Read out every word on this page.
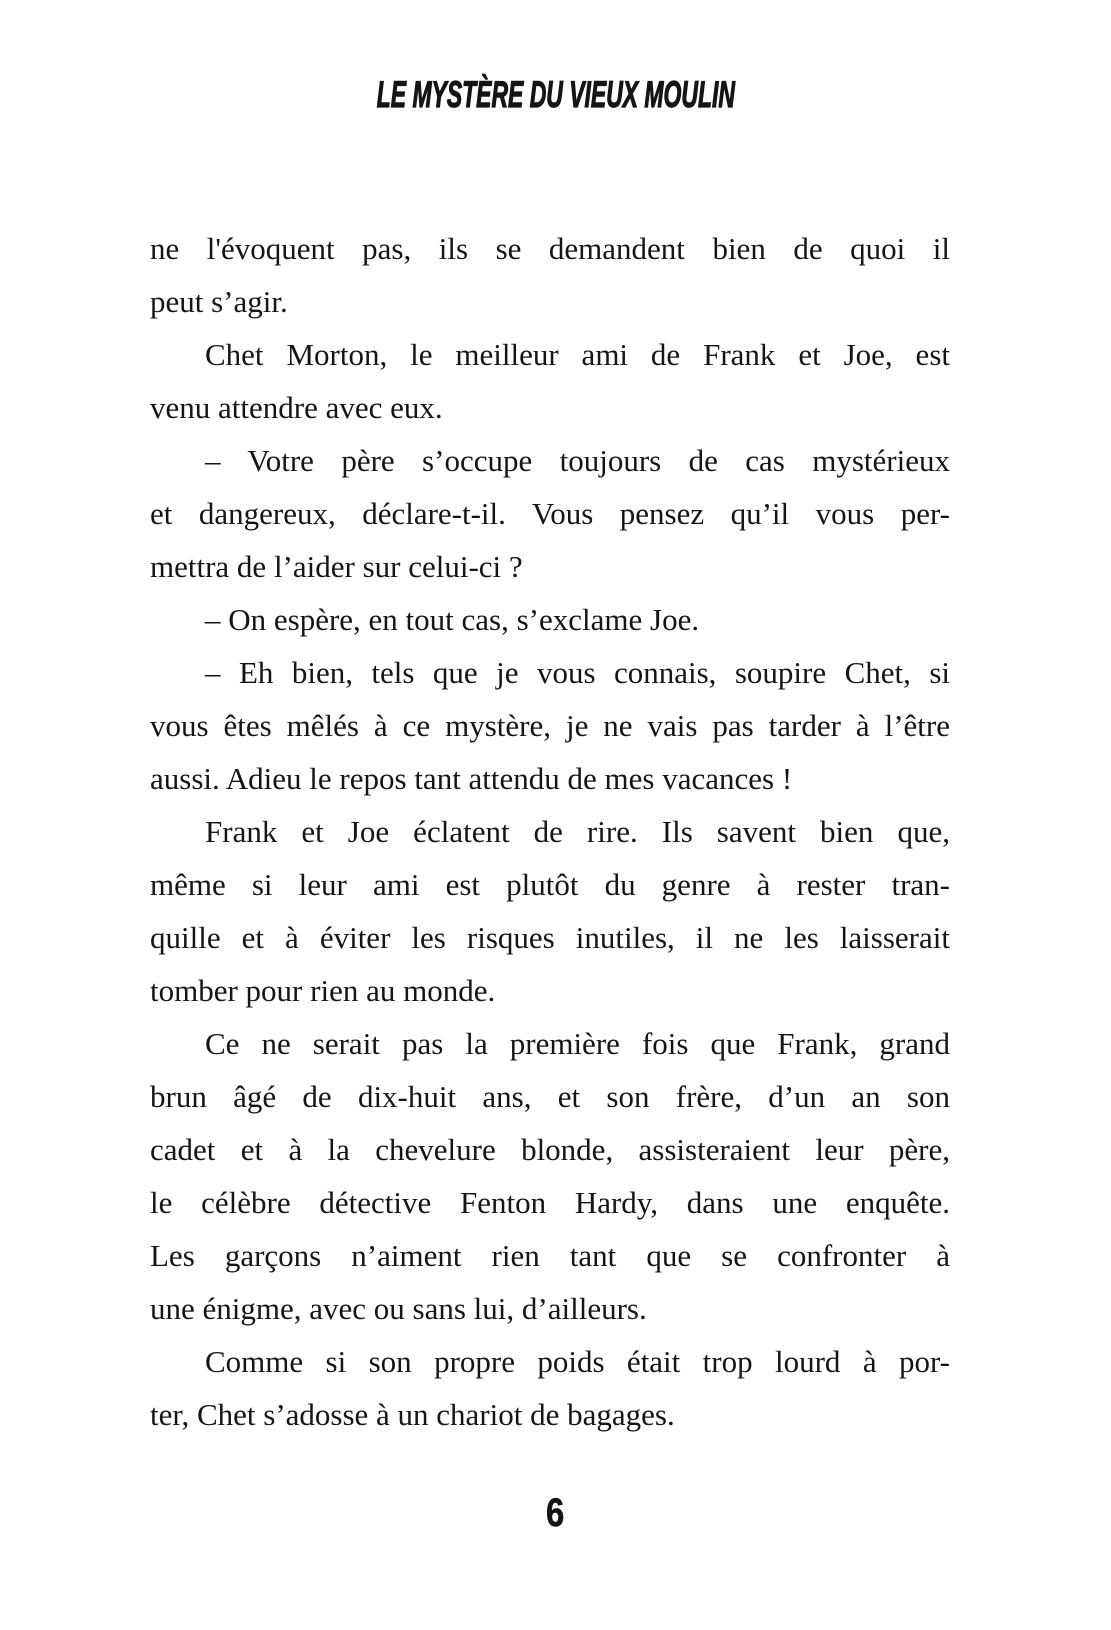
LE MYSTÈRE DU VIEUX MOULIN
ne l'évoquent pas, ils se demandent bien de quoi il
peut s’agir.
Chet Morton, le meilleur ami de Frank et Joe, est
venu attendre avec eux.
– Votre père s’occupe toujours de cas mystérieux
et dangereux, déclare-t-il. Vous pensez qu’il vous per-
mettra de l’aider sur celui-ci ?
– On espère, en tout cas, s’exclame Joe.
– Eh bien, tels que je vous connais, soupire Chet, si
vous êtes mêlés à ce mystère, je ne vais pas tarder à l’être
aussi. Adieu le repos tant attendu de mes vacances !
Frank et Joe éclatent de rire. Ils savent bien que,
même si leur ami est plutôt du genre à rester tran-
quille et à éviter les risques inutiles, il ne les laisserait
tomber pour rien au monde.
Ce ne serait pas la première fois que Frank, grand
brun âgé de dix-huit ans, et son frère, d’un an son
cadet et à la chevelure blonde, assisteraient leur père,
le célèbre détective Fenton Hardy, dans une enquête.
Les garçons n’aiment rien tant que se confronter à
une énigme, avec ou sans lui, d’ailleurs.
Comme si son propre poids était trop lourd à por-
ter, Chet s’adosse à un chariot de bagages.
6
